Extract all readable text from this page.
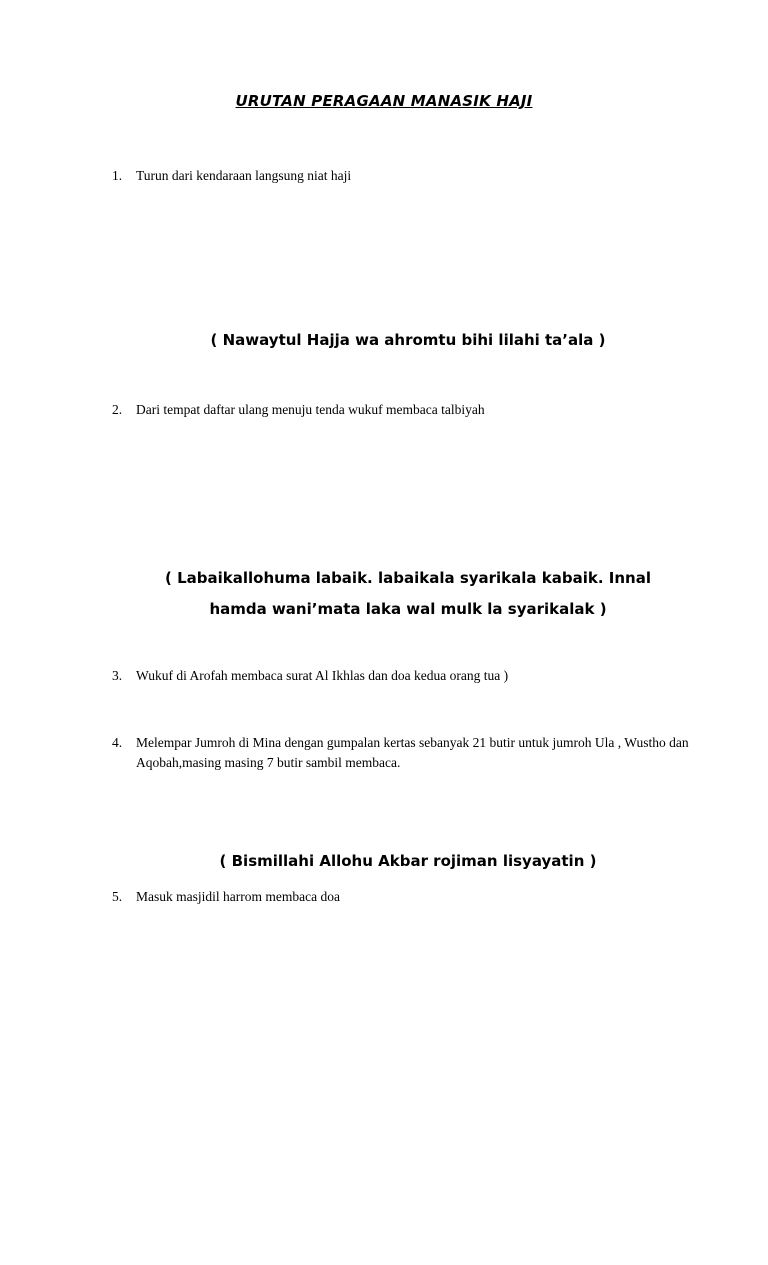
URUTAN PERAGAAN MANASIK HAJI
1.	Turun dari kendaraan langsung niat haji
( Nawaytul Hajja wa ahromtu bihi lilahi ta’ala )
2.	Dari tempat daftar ulang menuju tenda wukuf membaca talbiyah
( Labaikallohuma labaik. labaikala syarikala kabaik. Innal hamda wani’mata laka wal mulk la syarikalak )
3.	Wukuf di Arofah membaca surat Al Ikhlas dan doa kedua orang tua )
4.	Melempar Jumroh di Mina dengan gumpalan kertas sebanyak 21 butir untuk jumroh Ula , Wustho dan Aqobah,masing masing 7 butir sambil membaca.
( Bismillahi Allohu Akbar rojiman lisyayatin )
5.	Masuk masjidil harrom membaca doa
